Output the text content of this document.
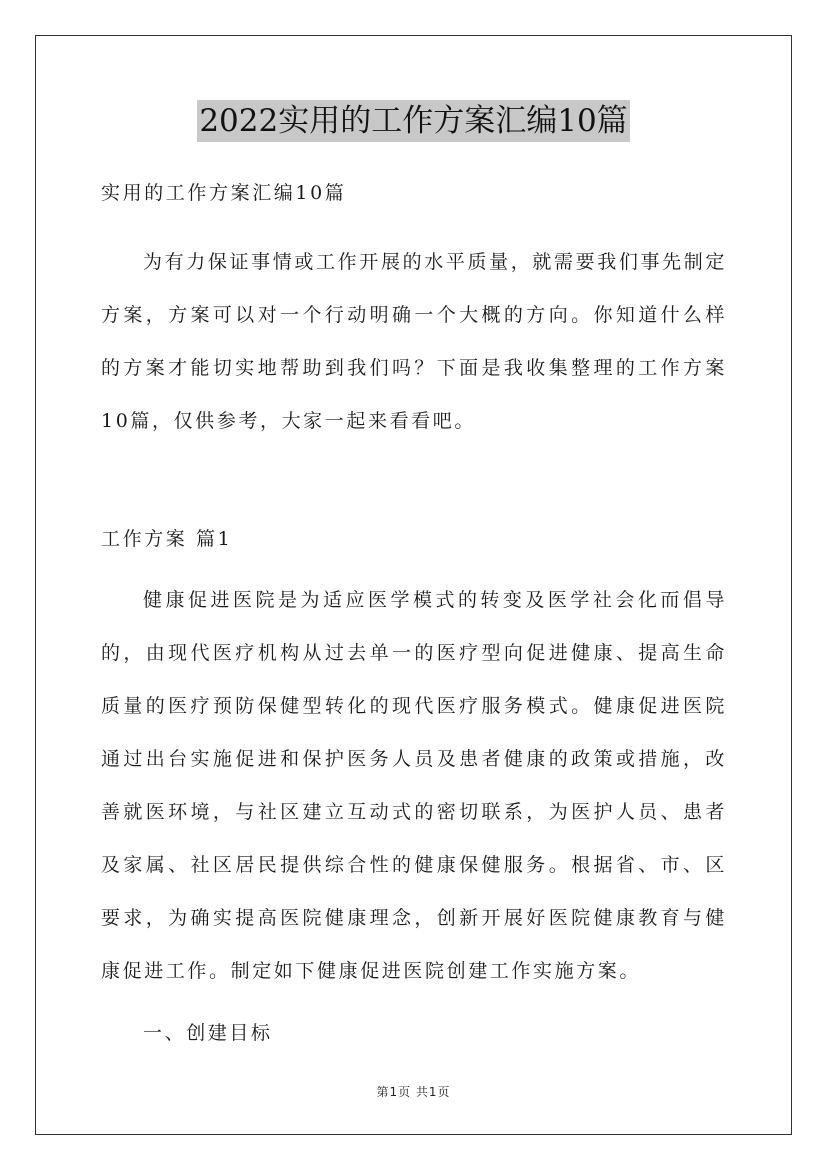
2022实用的工作方案汇编10篇

实用的工作方案汇编10篇

为有力保证事情或工作开展的水平质量，就需要我们事先制定方案，方案可以对一个行动明确一个大概的方向。你知道什么样的方案才能切实地帮助到我们吗？下面是我收集整理的工作方案10篇，仅供参考，大家一起来看看吧。

工作方案 篇1

健康促进医院是为适应医学模式的转变及医学社会化而倡导的，由现代医疗机构从过去单一的医疗型向促进健康、提高生命质量的医疗预防保健型转化的现代医疗服务模式。健康促进医院通过出台实施促进和保护医务人员及患者健康的政策或措施，改善就医环境，与社区建立互动式的密切联系，为医护人员、患者及家属、社区居民提供综合性的健康保健服务。根据省、市、区要求，为确实提高医院健康理念，创新开展好医院健康教育与健康促进工作。制定如下健康促进医院创建工作实施方案。

一、创建目标

第1页 共1页
